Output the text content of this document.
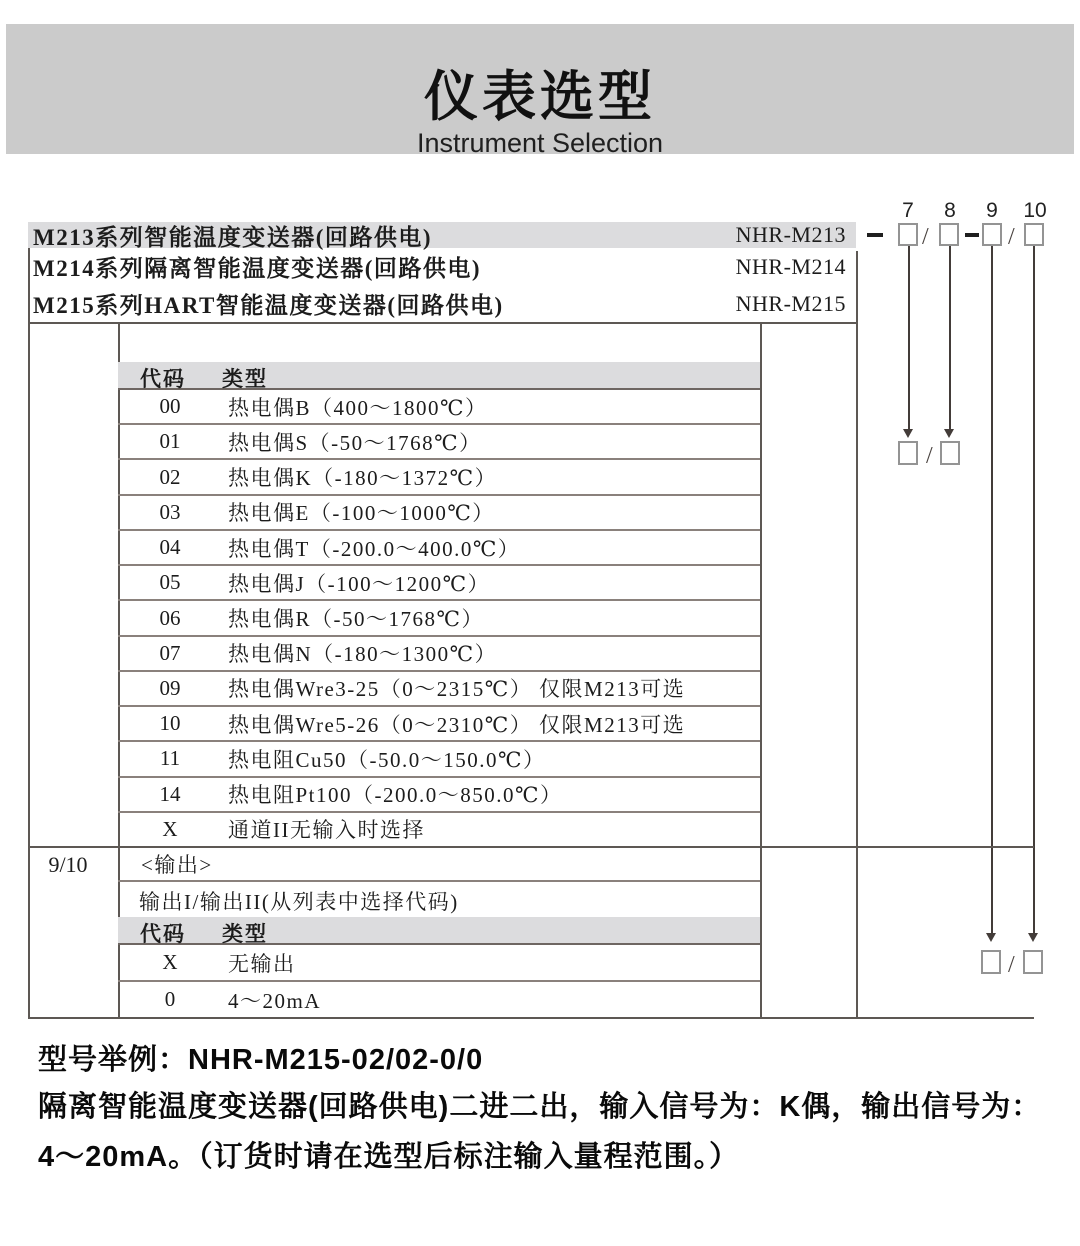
仪表选型
Instrument Selection
M213系列智能温度变送器(回路供电)	NHR-M213
M214系列隔离智能温度变送器(回路供电)	NHR-M214
M215系列HART智能温度变送器(回路供电)	NHR-M215
7 8 9 10
/	/
/
/
代码 类型
00	热电偶B（400～1800℃）
01	热电偶S（-50～1768℃）
02	热电偶K（-180～1372℃）
03	热电偶E（-100～1000℃）
04	热电偶T（-200.0～400.0℃）
05	热电偶J（-100～1200℃）
06	热电偶R（-50～1768℃）
07	热电偶N（-180～1300℃）
09	热电偶Wre3-25（0～2315℃） 仅限M213可选
10	热电偶Wre5-26（0～2310℃） 仅限M213可选
11	热电阻Cu50（-50.0～150.0℃）
14	热电阻Pt100（-200.0～850.0℃）
X	通道II无输入时选择
9/10	<输出>
输出I/输出II(从列表中选择代码)
代码 类型
X	无输出
0	4～20mA
型号举例：NHR-M215-02/02-0/0
隔离智能温度变送器(回路供电)二进二出，输入信号为：K偶，输出信号为：
4～20mA。（订货时请在选型后标注输入量程范围。）
